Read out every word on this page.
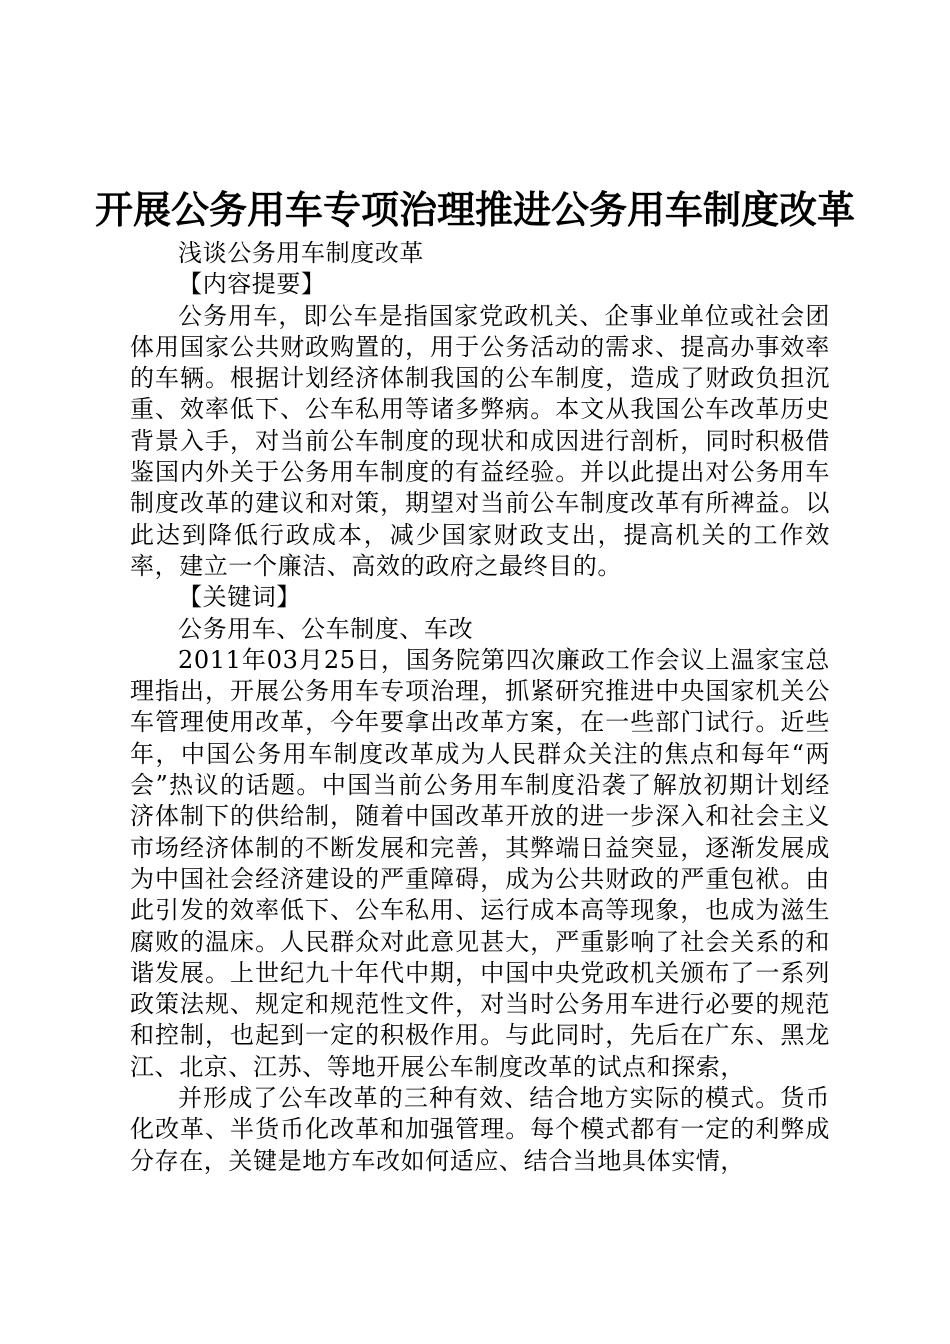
开展公务用车专项治理推进公务用车制度改革

浅谈公务用车制度改革

【内容提要】

公务用车，即公车是指国家党政机关、企事业单位或社会团体用国家公共财政购置的，用于公务活动的需求、提高办事效率的车辆。根据计划经济体制我国的公车制度，造成了财政负担沉重、效率低下、公车私用等诸多弊病。本文从我国公车改革历史背景入手，对当前公车制度的现状和成因进行剖析，同时积极借鉴国内外关于公务用车制度的有益经验。并以此提出对公务用车制度改革的建议和对策，期望对当前公车制度改革有所裨益。以此达到降低行政成本，减少国家财政支出，提高机关的工作效率，建立一个廉洁、高效的政府之最终目的。

【关键词】

公务用车、公车制度、车改

2011年03月25日，国务院第四次廉政工作会议上温家宝总理指出，开展公务用车专项治理，抓紧研究推进中央国家机关公车管理使用改革，今年要拿出改革方案，在一些部门试行。近些年，中国公务用车制度改革成为人民群众关注的焦点和每年“两会”热议的话题。中国当前公务用车制度沿袭了解放初期计划经济体制下的供给制，随着中国改革开放的进一步深入和社会主义市场经济体制的不断发展和完善，其弊端日益突显，逐渐发展成为中国社会经济建设的严重障碍，成为公共财政的严重包袱。由此引发的效率低下、公车私用、运行成本高等现象，也成为滋生腐败的温床。人民群众对此意见甚大，严重影响了社会关系的和谐发展。上世纪九十年代中期，中国中央党政机关颁布了一系列政策法规、规定和规范性文件，对当时公务用车进行必要的规范和控制，也起到一定的积极作用。与此同时，先后在广东、黑龙江、北京、江苏、等地开展公车制度改革的试点和探索，

并形成了公车改革的三种有效、结合地方实际的模式。货币化改革、半货币化改革和加强管理。每个模式都有一定的利弊成分存在，关键是地方车改如何适应、结合当地具体实情，
